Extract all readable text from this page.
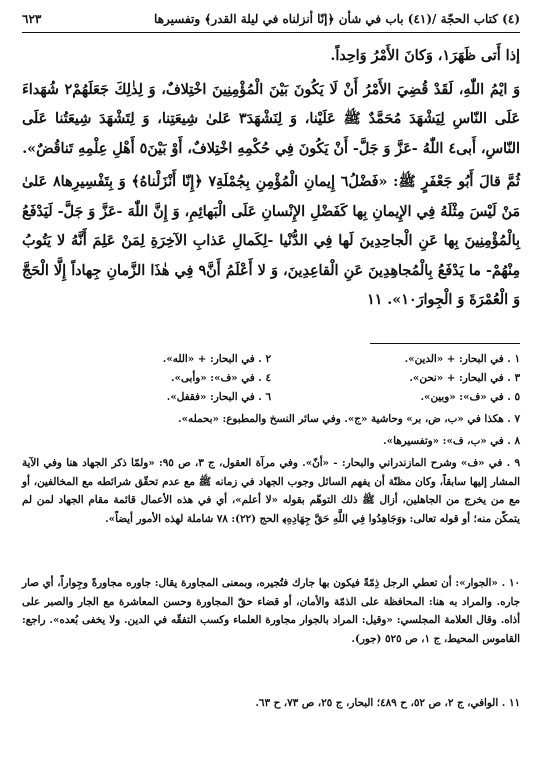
(٤) كتاب الحجّة /(٤١) باب في شأن ﴿إنّا أنزلناه في ليلة القدر﴾ وتفسيرها
٦٢٣

إذا أَتى ظَهَرَ١، وَكانَ الأَمْرُ وَاحِداً.

وَ ايْمُ اللّٰهِ، لَقَدْ قُضِيَ الأَمْرُ أَنْ لَا يَكُونَ بَيْنَ الْمُؤْمِنِينَ اخْتِلافٌ، وَ لِذٰلِكَ جَعَلَهُمْ٢ شُهَداءَ عَلَى النّاسِ لِيَشْهَدَ مُحَمَّدٌ ﷺ عَلَيْنا، وَ لِنَشْهَدَ٣ عَلىٰ شِيعَتِنا، وَ لِتَشْهَدَ شِيعَتُنا عَلَى النّاسِ، أَبى٤ اللّٰهُ -عَزَّ وَ جَلَّ- أَنْ يَكُونَ فِي حُكْمِهِ اخْتِلافٌ، أَوْ بَيْنَ٥ أَهْلِ عِلْمِهِ تَناقُضٌ».

ثُمَّ قالَ أَبُو جَعْفَرٍ ﷺ: «فَضْلُ٦ إِيمانِ الْمُؤْمِنِ بِجُمْلَةِ٧ ﴿إِنّا أَنْزَلْناهُ﴾ وَ بِتَفْسِيرِها٨ عَلىٰ مَنْ لَيْسَ مِثْلَهُ فِي الإِيمانِ بِها كَفَضْلِ الإِنْسانِ عَلَى الْبَهائِمِ، وَ إِنَّ اللّٰهَ -عَزَّ وَ جَلَّ- لَيَدْفَعُ بِالْمُؤْمِنِينَ بِها عَنِ الْجاحِدِينَ لَها فِي الدُّنْيا -لِكَمالِ عَذابِ الآخِرَةِ لِمَنْ عَلِمَ أَنَّهُ لا يَتُوبُ مِنْهُمْ- ما يَدْفَعُ بِالْمُجاهِدِينَ عَنِ الْقاعِدِينَ، وَ لا أَعْلَمُ أَنَّ٩ فِي هٰذَا الزَّمانِ جِهاداً إِلَّا الْحَجَّ وَ الْعُمْرَةَ وَ الْجِوارَ١٠». ١١

١ . في البحار: + «الدين».
٢ . في البحار: + «الله».
٣ . في البحار: + «نحن».
٤ . في «ف»: «وأبى».
٥ . في «ف»: «وبين».
٦ . في البحار: «فقفل».
٧ . هكذا في «ب، ض، بر» وحاشية «ج». وفي سائر النسخ والمطبوع: «بحمله».
٨ . في «ب، ف»: «وتفسيرها».
٩ . في «ف» وشرح المازندراني والبحار: - «أنّ». وفي مرآة العقول، ج ٣، ص ٩٥: «ولمّا ذكر الجهاد هنا وفي الآية المشار إليها سابقاً، وكان مظنّة أن يفهم السائل وجوب الجهاد في زمانه ﷺ مع عدم تحقّق شرائطه مع المخالفين، أو مع من يخرج من الجاهلين، أزال ﷺ ذلك التوهّم بقوله «لا أعلم»، أي في هذه الأعمال قائمة مقام الجهاد لمن لم يتمكّن منه؛ أو قوله تعالى: ﴿وَجَاهِدُوا فِي اللَّهِ حَقَّ جِهَادِهِ﴾ الحج (٢٢): ٧٨ شاملة لهذه الأمور أيضاً».
١٠ . «الجوار»: أن تعطي الرجل ذِمّةً فيكون بها جارك فتُجيره، وبمعنى المجاورة يقال: جاوره مجاورةً وجِواراً، أي صار جاره. والمراد به هنا: المحافظة على الذمّة والأمان، أو قضاء حقّ المجاورة وحسن المعاشرة مع الجار والصبر على أذاه. وقال العلامة المجلسي: «وقيل: المراد بالجوار مجاورة العلماء وكسب التفقّه في الدين. ولا يخفى بُعده». راجع: القاموس المحيط، ج ١، ص ٥٢٥ (جور).
١١ . الوافي، ج ٢، ص ٥٢، ح ٤٨٩؛ البحار، ج ٢٥، ص ٧٣، ح ٦٣.
